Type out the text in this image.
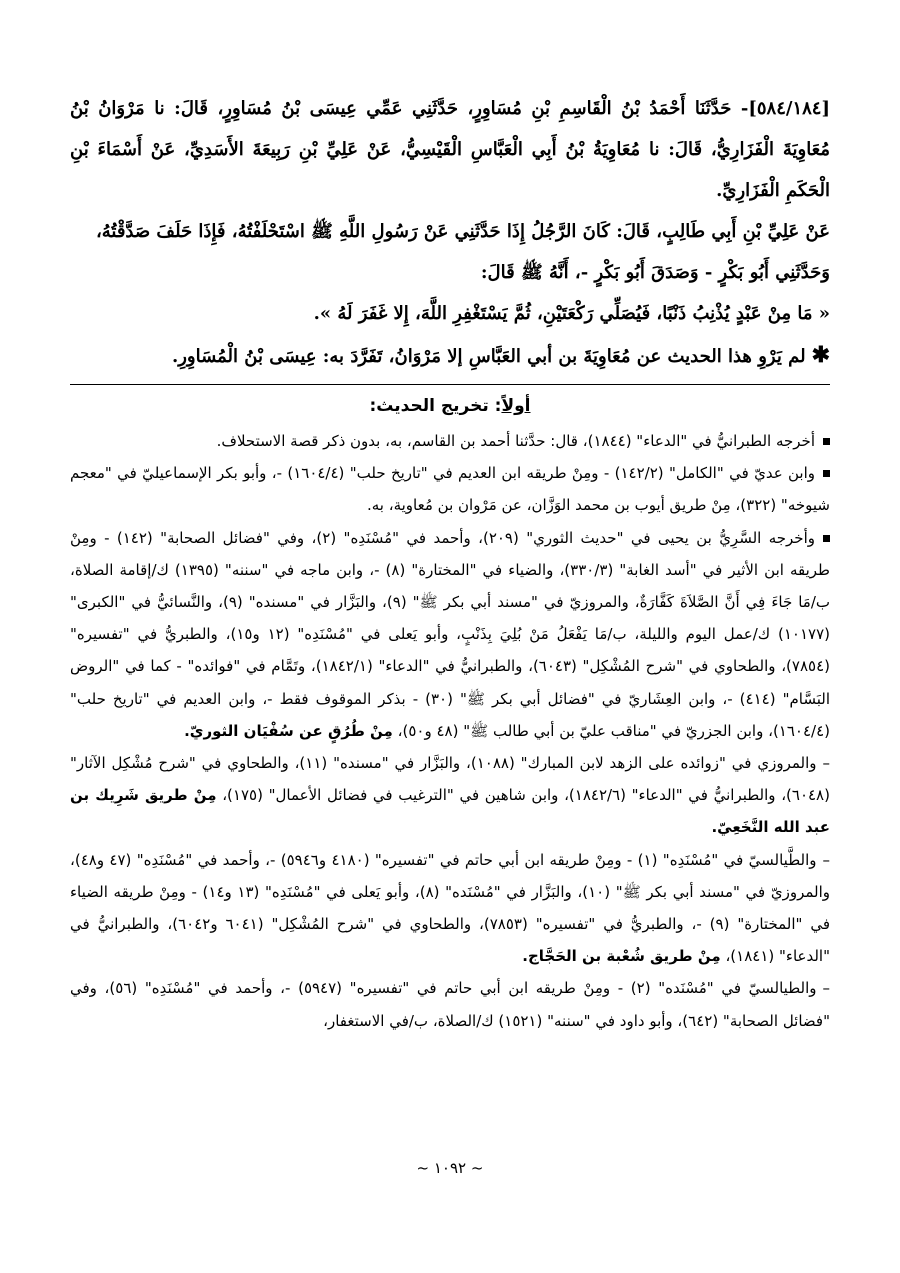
[٥٨٤/١٨٤]- حَدَّثَنَا أَحْمَدُ بْنُ الْقَاسِمِ بْنِ مُسَاوِرٍ، حَدَّثَنِي عَمِّي عِيسَى بْنُ مُسَاوِرٍ، قَالَ: نا مَرْوَانُ بْنُ مُعَاوِيَةَ الْفَزَارِيُّ، قَالَ: نا مُعَاوِيَةُ بْنُ أَبِي الْعَبَّاسِ الْقَيْسِيُّ، عَنْ عَلِيِّ بْنِ رَبِيعَةَ الأَسَدِيِّ، عَنْ أَسْمَاءَ بْنِ الْحَكَمِ الْفَزَارِيِّ.

عَنْ عَلِيِّ بْنِ أَبِي طَالِبٍ، قَالَ: كَانَ الرَّجُلُ إِذَا حَدَّثَنِي عَنْ رَسُولِ اللَّهِ ﷺ اسْتَحْلَفْتُهُ، فَإِذَا حَلَفَ صَدَّقْتُهُ،

وَحَدَّثَنِي أَبُو بَكْرٍ - وَصَدَقَ أَبُو بَكْرٍ -، أَنَّهُ ﷺ قَالَ:

« مَا مِنْ عَبْدٍ يُذْنِبُ ذَنْبًا، فَيُصَلِّي رَكْعَتَيْنِ، ثُمَّ يَسْتَغْفِرِ اللَّهَ، إِلا غَفَرَ لَهُ ».

✱لم يَرْوِ هذا الحديث عن مُعَاوِيَةَ بن أبي العَبَّاسِ إلا مَرْوَانُ، تَفَرَّدَ به: عِيسَى بْنُ الْمُسَاوِرِ.

أولاً: تخريج الحديث:

أخرجه الطبرانيُّ في "الدعاء" (١٨٤٤)، قال: حدَّثنا أحمد بن القاسم، به، بدون ذكر قصة الاستحلاف.

وابن عديّ في "الكامل" (١٤٢/٢) - ومِنْ طريقه ابن العديم في "تاريخ حلب" (١٦٠٤/٤) -، وأبو بكر الإسماعيليّ في "معجم شيوخه" (٣٢٢)، مِنْ طريق أيوب بن محمد الوَزَّان، عن مَرْوان بن مُعاوية، به.

وأخرجه السَّرِيُّ بن يحيى في "حديث الثوري" (٢٠٩)، وأحمد في "مُسْنَدِه" (٢)، وفي "فضائل الصحابة" (١٤٢) - ومِنْ طريقه ابن الأثير في "أسد الغابة" (٣٣٠/٣)، والضياء في "المختارة" (٨) -، وابن ماجه في "سننه" (١٣٩٥) ك/إقامة الصلاة، ب/مَا جَاءَ فِي أَنَّ الصَّلاَةَ كَفَّارَةٌ، والمروزيّ في "مسند أبي بكر ﷺ" (٩)، والبَزَّار في "مسنده" (٩)، والنَّسائيُّ في "الكبرى" (١٠١٧٧) ك/عمل اليوم والليلة، ب/مَا يَفْعَلُ مَنْ بُلِيَ بِذَنْبٍ، وأبو يَعلى في "مُسْنَدِه" (١٢ و١٥)، والطبريُّ في "تفسيره" (٧٨٥٤)، والطحاوي في "شرح المُشْكِل" (٦٠٤٣)، والطبرانيُّ في "الدعاء" (١٨٤٢/١)، وتَمَّام في "فوائده" - كما في "الروض البَسَّام" (٤١٤) -، وابن العِشَاريّ في "فضائل أبي بكر ﷺ" (٣٠) - بذكر الموقوف فقط -، وابن العديم في "تاريخ حلب" (١٦٠٤/٤)، وابن الجزريّ في "مناقب عليّ بن أبي طالب ﷺ" (٤٨ و٥٠)، مِنْ طُرُقٍ عن سُفْيَان الثوريّ.

–والمروزي في "زوائده على الزهد لابن المبارك" (١٠٨٨)، والبَزَّار في "مسنده" (١١)، والطحاوي في "شرح مُشْكِل الآثار" (٦٠٤٨)، والطبرانيُّ في "الدعاء" (١٨٤٢/٦)، وابن شاهين في "الترغيب في فضائل الأعمال" (١٧٥)، مِنْ طريق شَرِيك بن عبد الله النَّخَعِيّ.

–والطَّيالسيّ في "مُسْنَدِه" (١) - ومِنْ طريقه ابن أبي حاتم في "تفسيره" (٤١٨٠ و٥٩٤٦) -، وأحمد في "مُسْنَدِه" (٤٧ و٤٨)، والمروزيّ في "مسند أبي بكر ﷺ" (١٠)، والبَزَّار في "مُسْنَده" (٨)، وأبو يَعلى في "مُسْنَدِه" (١٣ و١٤) - ومِنْ طريقه الضياء في "المختارة" (٩) -، والطبريُّ في "تفسيره" (٧٨٥٣)، والطحاوي في "شرح المُشْكِل" (٦٠٤١ و٦٠٤٢)، والطبرانيُّ في "الدعاء" (١٨٤١)، مِنْ طريق شُعْبة بن الحَجَّاج.

–والطيالسيّ في "مُسْنَده" (٢) - ومِنْ طريقه ابن أبي حاتم في "تفسيره" (٥٩٤٧) -، وأحمد في "مُسْنَدِه" (٥٦)، وفي "فضائل الصحابة" (٦٤٢)، وأبو داود في "سننه" (١٥٢١) ك/الصلاة، ب/في الاستغفار،

~ ١٠٩٢ ~
